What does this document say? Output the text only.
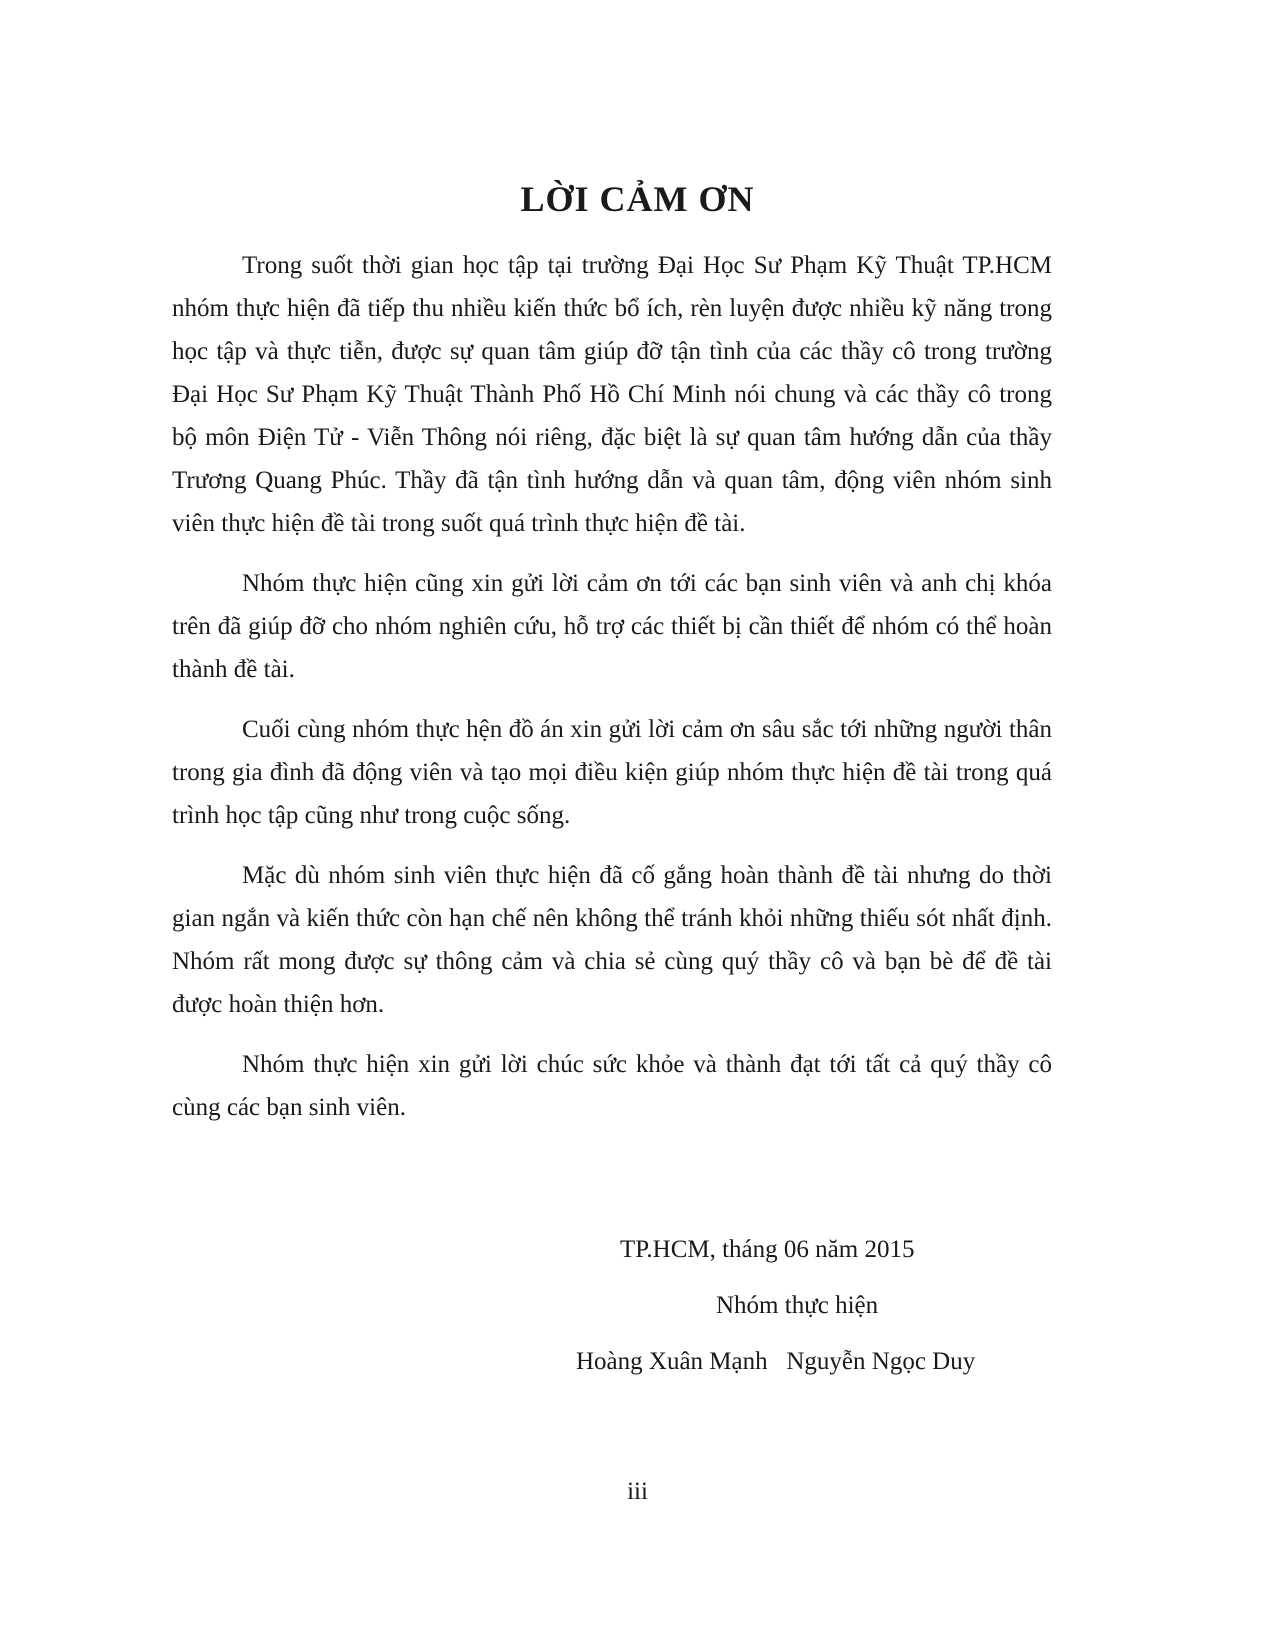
LỜI CẢM ƠN

Trong suốt thời gian học tập tại trường Đại Học Sư Phạm Kỹ Thuật TP.HCM nhóm thực hiện đã tiếp thu nhiều kiến thức bổ ích, rèn luyện được nhiều kỹ năng trong học tập và thực tiễn, được sự quan tâm giúp đỡ tận tình của các thầy cô trong trường Đại Học Sư Phạm Kỹ Thuật Thành Phố Hồ Chí Minh nói chung và các thầy cô trong bộ môn Điện Tử - Viễn Thông nói riêng, đặc biệt là sự quan tâm hướng dẫn của thầy Trương Quang Phúc. Thầy đã tận tình hướng dẫn và quan tâm, động viên nhóm sinh viên thực hiện đề tài trong suốt quá trình thực hiện đề tài.

Nhóm thực hiện cũng xin gửi lời cảm ơn tới các bạn sinh viên và anh chị khóa trên đã giúp đỡ cho nhóm nghiên cứu, hỗ trợ các thiết bị cần thiết để nhóm có thể hoàn thành đề tài.

Cuối cùng nhóm thực hện đồ án xin gửi lời cảm ơn sâu sắc tới những người thân trong gia đình đã động viên và tạo mọi điều kiện giúp nhóm thực hiện đề tài trong quá trình học tập cũng như trong cuộc sống.

Mặc dù nhóm sinh viên thực hiện đã cố gắng hoàn thành đề tài nhưng do thời gian ngắn và kiến thức còn hạn chế nên không thể tránh khỏi những thiếu sót nhất định. Nhóm rất mong được sự thông cảm và chia sẻ cùng quý thầy cô và bạn bè để đề tài được hoàn thiện hơn.

Nhóm thực hiện xin gửi lời chúc sức khỏe và thành đạt tới tất cả quý thầy cô cùng các bạn sinh viên.

TP.HCM, tháng 06 năm 2015

Nhóm thực hiện

Hoàng Xuân Mạnh   Nguyễn Ngọc Duy

iii
